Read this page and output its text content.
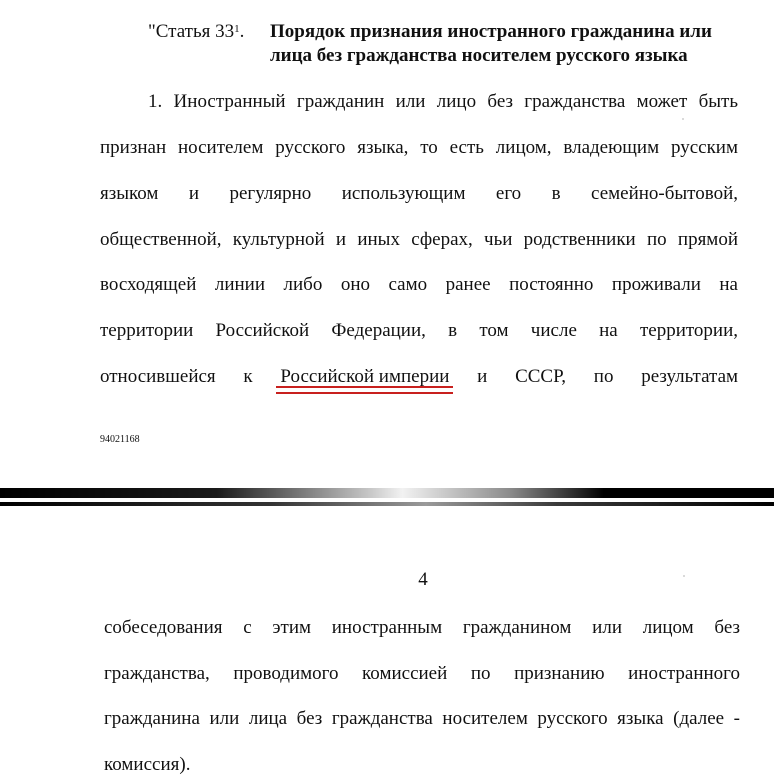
"Статья $33^1$. Порядок признания иностранного гражданина или
лица без гражданства носителем русского языка
1. Иностранный гражданин или лицо без гражданства может быть
признан носителем русского языка, то есть лицом, владеющим русским
языком и регулярно использующим его в семейно-бытовой,
общественной, культурной и иных сферах, чьи родственники по прямой
восходящей линии либо оно само ранее постоянно проживали на
территории Российской Федерации, в том числе на территории,
относившейся к Российской империи и СССР, по результатам
94021168
4
собеседования с этим иностранным гражданином или лицом без
гражданства, проводимого комиссией по признанию иностранного
гражданина или лица без гражданства носителем русского языка (далее -
комиссия).
